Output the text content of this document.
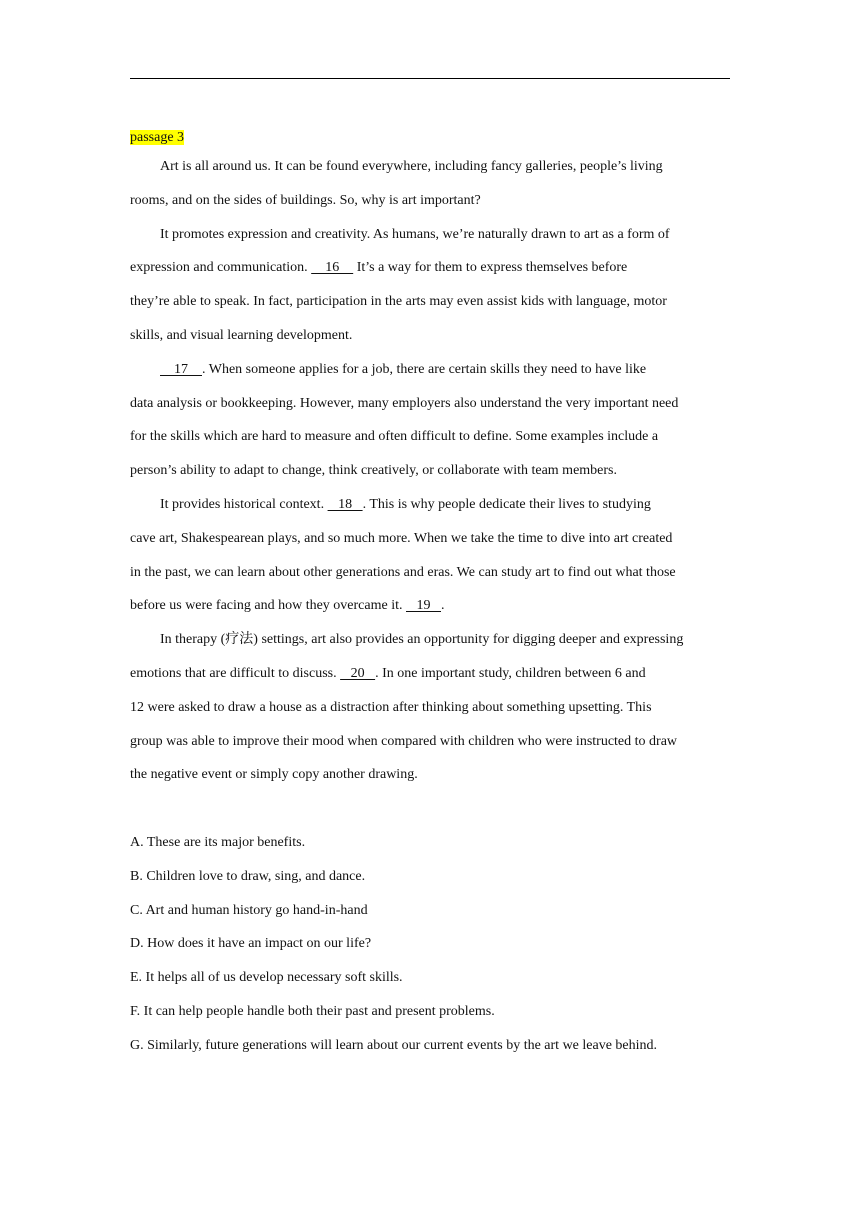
passage 3
Art is all around us. It can be found everywhere, including fancy galleries, people’s living
rooms, and on the sides of buildings. So, why is art important?
It promotes expression and creativity. As humans, we’re naturally drawn to art as a form of
expression and communication.     16     It’s a way for them to express themselves before
they’re able to speak. In fact, participation in the arts may even assist kids with language, motor
skills, and visual learning development.
17    . When someone applies for a job, there are certain skills they need to have like
data analysis or bookkeeping. However, many employers also understand the very important need
for the skills which are hard to measure and often difficult to define. Some examples include a
person’s ability to adapt to change, think creatively, or collaborate with team members.
It provides historical context.    18   . This is why people dedicate their lives to studying
cave art, Shakespearean plays, and so much more. When we take the time to dive into art created
in the past, we can learn about other generations and eras. We can study art to find out what those
before us were facing and how they overcame it.    19   .
In therapy (疗法) settings, art also provides an opportunity for digging deeper and expressing
emotions that are difficult to discuss.    20   . In one important study, children between 6 and
12 were asked to draw a house as a distraction after thinking about something upsetting. This
group was able to improve their mood when compared with children who were instructed to draw
the negative event or simply copy another drawing.
A. These are its major benefits.
B. Children love to draw, sing, and dance.
C. Art and human history go hand-in-hand
D. How does it have an impact on our life?
E. It helps all of us develop necessary soft skills.
F. It can help people handle both their past and present problems.
G. Similarly, future generations will learn about our current events by the art we leave behind.
